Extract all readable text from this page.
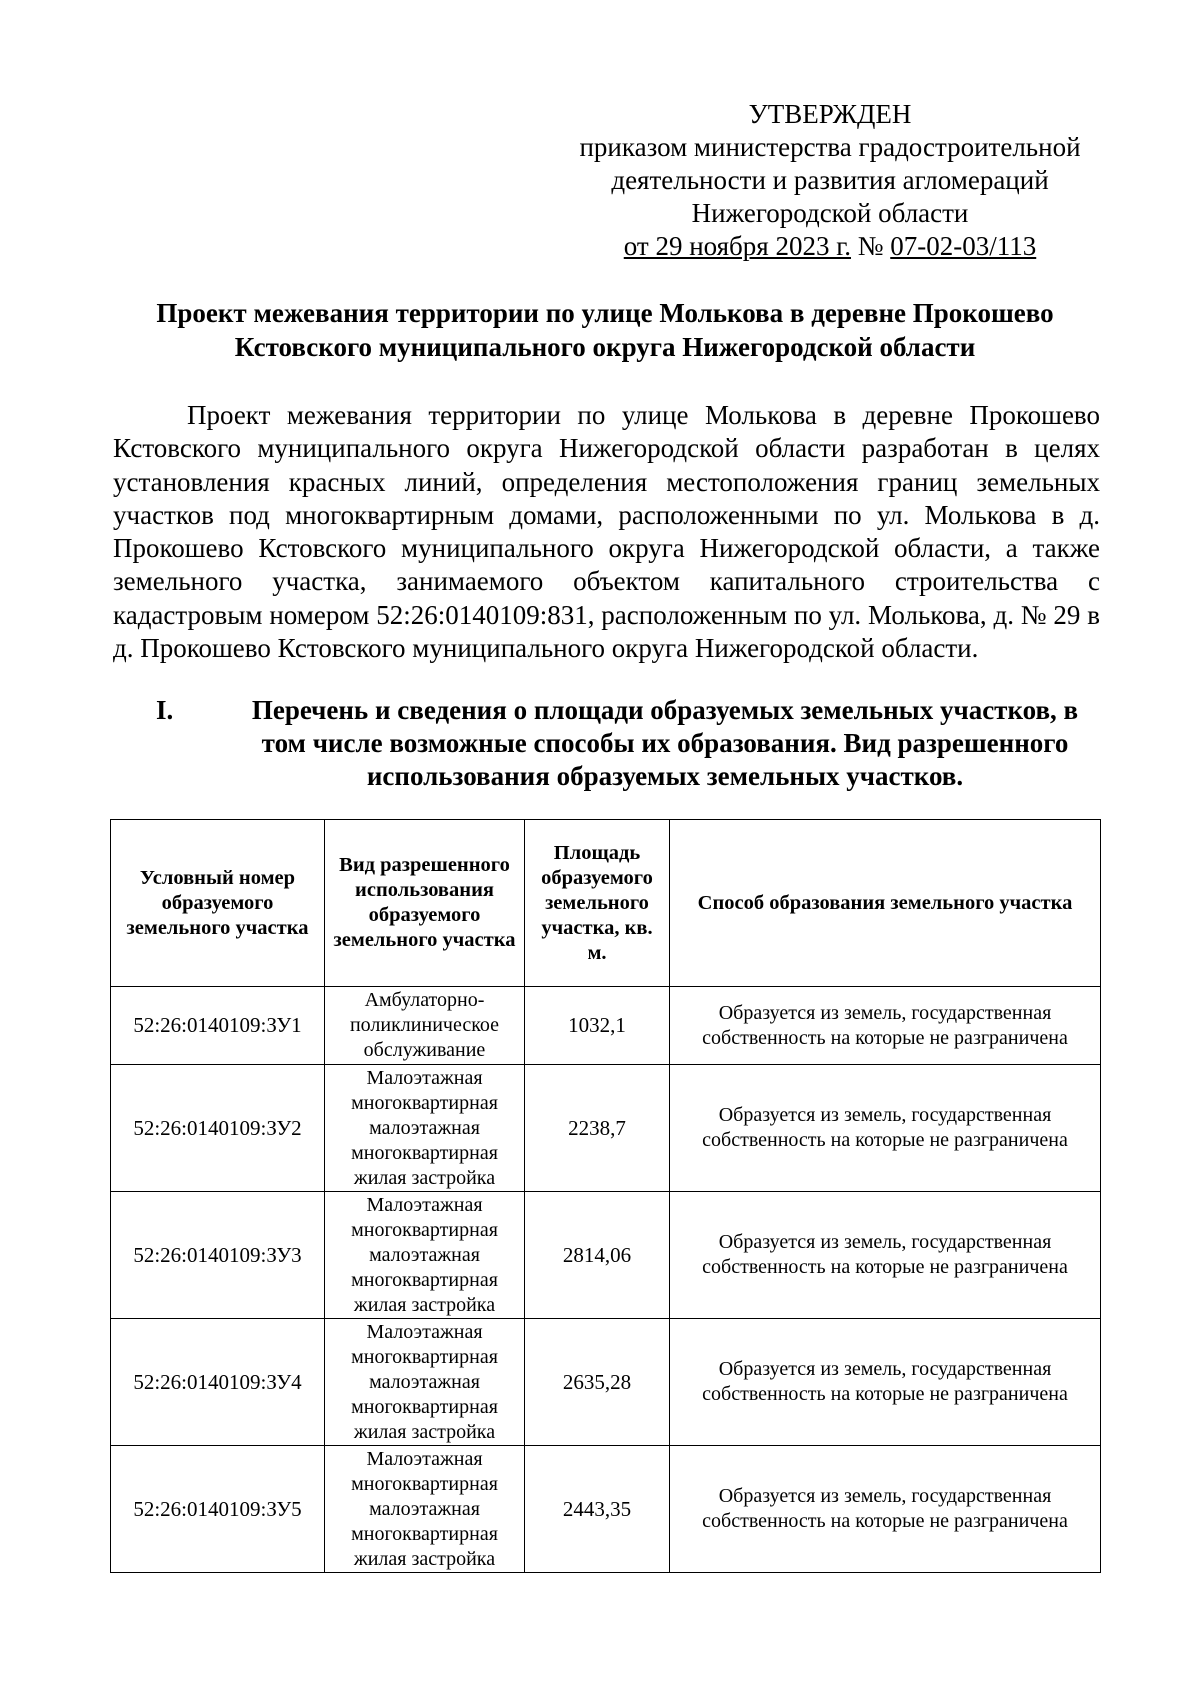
УТВЕРЖДЕН
приказом министерства градостроительной
деятельности и развития агломераций
Нижегородской области
от 29 ноября 2023 г. № 07-02-03/113
Проект межевания территории по улице Молькова в деревне Прокошево
Кстовского муниципального округа Нижегородской области
Проект межевания территории по улице Молькова в деревне Прокошево Кстовского муниципального округа Нижегородской области разработан в целях установления красных линий, определения местоположения границ земельных участков под многоквартирным домами, расположенными по ул. Молькова в д. Прокошево Кстовского муниципального округа Нижегородской области, а также земельного участка, занимаемого объектом капитального строительства с кадастровым номером 52:26:0140109:831, расположенным по ул. Молькова, д. № 29 в д. Прокошево Кстовского муниципального округа Нижегородской области.
I.	Перечень и сведения о площади образуемых земельных участков, в том числе возможные способы их образования. Вид разрешенного использования образуемых земельных участков.
Условный номер образуемого земельного участка	Вид разрешенного использования образуемого земельного участка	Площадь образуемого земельного участка, кв. м.	Способ образования земельного участка
52:26:0140109:ЗУ1	Амбулаторно-поликлиническое обслуживание	1032,1	Образуется из земель, государственная собственность на которые не разграничена
52:26:0140109:ЗУ2	Малоэтажная многоквартирная малоэтажная многоквартирная жилая застройка	2238,7	Образуется из земель, государственная собственность на которые не разграничена
52:26:0140109:ЗУ3	Малоэтажная многоквартирная малоэтажная многоквартирная жилая застройка	2814,06	Образуется из земель, государственная собственность на которые не разграничена
52:26:0140109:ЗУ4	Малоэтажная многоквартирная малоэтажная многоквартирная жилая застройка	2635,28	Образуется из земель, государственная собственность на которые не разграничена
52:26:0140109:ЗУ5	Малоэтажная многоквартирная малоэтажная многоквартирная жилая застройка	2443,35	Образуется из земель, государственная собственность на которые не разграничена
